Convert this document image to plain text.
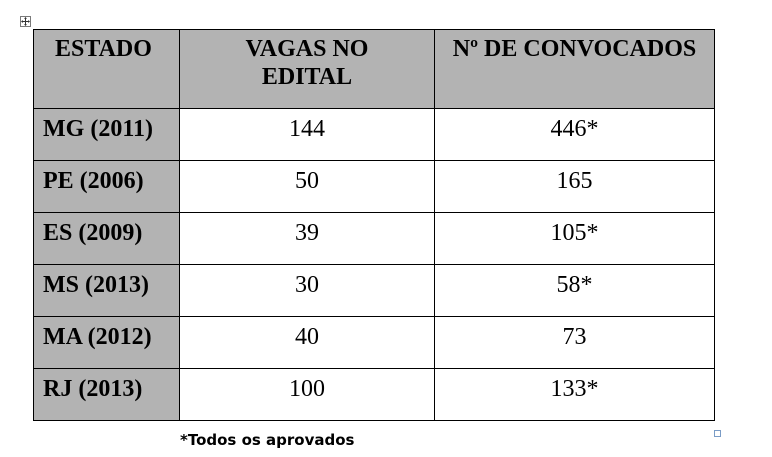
ESTADO	VAGAS NO EDITAL	Nº DE CONVOCADOS
MG (2011)	144	446*
PE (2006)	50	165
ES (2009)	39	105*
MS (2013)	30	58*
MA (2012)	40	73
RJ (2013)	100	133*
*Todos os aprovados
